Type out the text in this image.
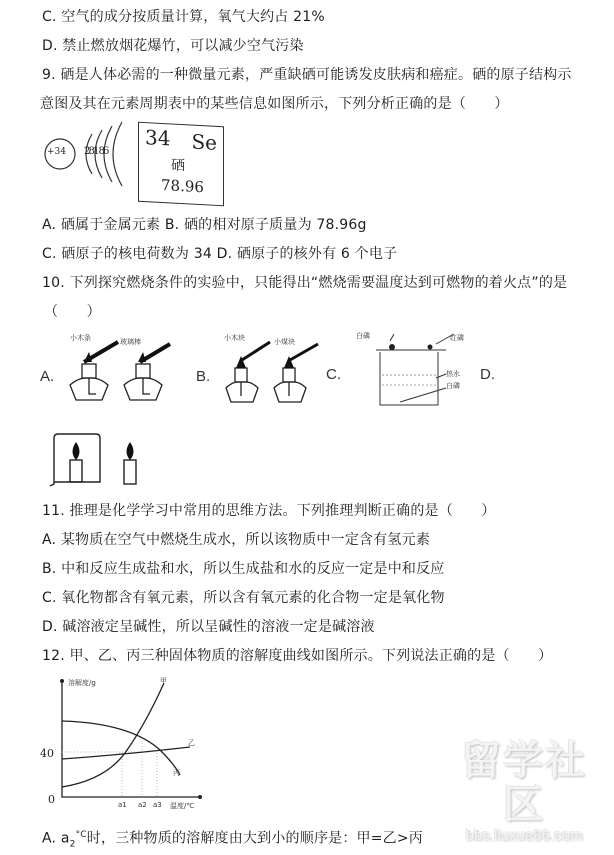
C. 空气的成分按质量计算，氧气大约占 21%
D. 禁止燃放烟花爆竹，可以减少空气污染
9. 硒是人体必需的一种微量元素，严重缺硒可能诱发皮肤病和癌症。硒的原子结构示
意图及其在元素周期表中的某些信息如图所示，下列分析正确的是（　　）
+34 2 8 18 6
34 Se
硒
78.96
A. 硒属于金属元素 B. 硒的相对原子质量为 78.96g
C. 硒原子的核电荷数为 34 D. 硒原子的核外有 6 个电子
10. 下列探究燃烧条件的实验中，只能得出“燃烧需要温度达到可燃物的着火点”的是
（　　）
A.
小木条	玻璃棒
B.
小木块	小煤块
C.
白磷	红磷
热水
白磷
D.
11. 推理是化学学习中常用的思维方法。下列推理判断正确的是（　　）
A. 某物质在空气中燃烧生成水，所以该物质中一定含有氢元素
B. 中和反应生成盐和水，所以生成盐和水的反应一定是中和反应
C. 氧化物都含有氧元素，所以含有氧元素的化合物一定是氧化物
D. 碱溶液定呈碱性，所以呈碱性的溶液一定是碱溶液
12. 甲、乙、丙三种固体物质的溶解度曲线如图所示。下列说法正确的是（　　）
溶解度/g
40
0	a1 a2 a3 温度/℃
甲
乙
丙
A. $a_2^{^\circ C}$时，三种物质的溶解度由大到小的顺序是：甲=乙>丙
留学社区
bbs.liuxue86.com
